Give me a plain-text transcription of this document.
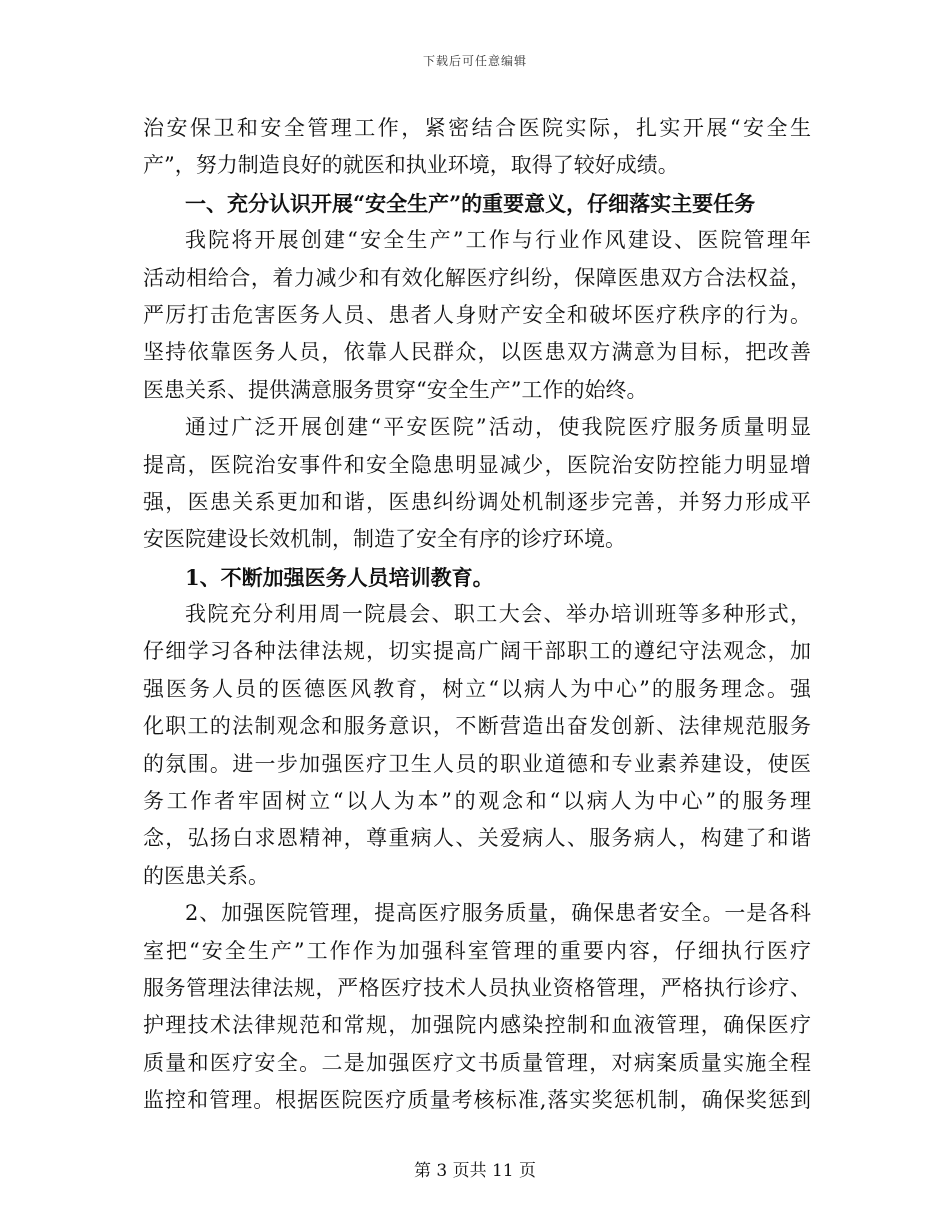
下载后可任意编辑
治安保卫和安全管理工作，紧密结合医院实际，扎实开展“安全生
产”，努力制造良好的就医和执业环境，取得了较好成绩。
一、充分认识开展“安全生产”的重要意义，仔细落实主要任务
我院将开展创建“安全生产”工作与行业作风建设、医院管理年
活动相给合，着力减少和有效化解医疗纠纷，保障医患双方合法权益，
严厉打击危害医务人员、患者人身财产安全和破坏医疗秩序的行为。
坚持依靠医务人员，依靠人民群众，以医患双方满意为目标，把改善
医患关系、提供满意服务贯穿“安全生产”工作的始终。
通过广泛开展创建“平安医院”活动，使我院医疗服务质量明显
提高，医院治安事件和安全隐患明显减少，医院治安防控能力明显增
强，医患关系更加和谐，医患纠纷调处机制逐步完善，并努力形成平
安医院建设长效机制，制造了安全有序的诊疗环境。
1、不断加强医务人员培训教育。
我院充分利用周一院晨会、职工大会、举办培训班等多种形式，
仔细学习各种法律法规，切实提高广阔干部职工的遵纪守法观念，加
强医务人员的医德医风教育，树立“以病人为中心”的服务理念。强
化职工的法制观念和服务意识，不断营造出奋发创新、法律规范服务
的氛围。进一步加强医疗卫生人员的职业道德和专业素养建设，使医
务工作者牢固树立“以人为本”的观念和“以病人为中心”的服务理
念，弘扬白求恩精神，尊重病人、关爱病人、服务病人，构建了和谐
的医患关系。
2、加强医院管理，提高医疗服务质量，确保患者安全。一是各科
室把“安全生产”工作作为加强科室管理的重要内容，仔细执行医疗
服务管理法律法规，严格医疗技术人员执业资格管理，严格执行诊疗、
护理技术法律规范和常规，加强院内感染控制和血液管理，确保医疗
质量和医疗安全。二是加强医疗文书质量管理，对病案质量实施全程
监控和管理。根据医院医疗质量考核标准,落实奖惩机制，确保奖惩到
第 3 页共 11 页
